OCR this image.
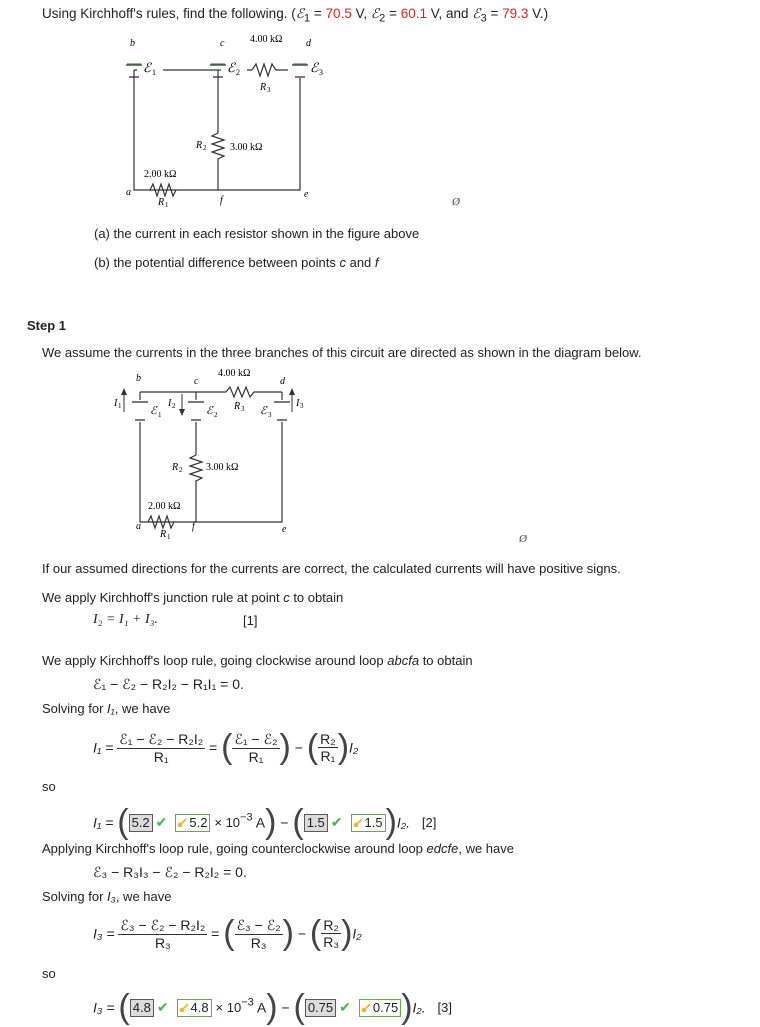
Using Kirchhoff's rules, find the following. (ℰ$_1$ = 70.5 V, ℰ$_2$ = 60.1 V, and ℰ$_3$ = 79.3 V.)
b	c	d
a
f
e
ℰ 1	ℰ 2	ℰ 3
4.00 kΩ
R 3
3.00 kΩ
R 2
2.00 kΩ
R 1	Ø
(a) the current in each resistor shown in the figure above
(b) the potential difference between points c and f
Step 1
We assume the currents in the three branches of this circuit are directed as shown in the diagram below.
I 1	I 2	I 3
b	c	d
a	f	e
ℰ 1	ℰ 2	ℰ 3
4.00 kΩ
R 3
3.00 kΩ
R 2
2.00 kΩ
R 1	Ø
If our assumed directions for the currents are correct, the calculated currents will have positive signs.
We apply Kirchhoff's junction rule at point c to obtain
I₂ = I₁ + I₃.	[1]
We apply Kirchhoff's loop rule, going clockwise around loop abcfa to obtain
ℰ₁ − ℰ₂ − R₂I₂ − R₁I₁ = 0.
Solving for I₁, we have
$I_1 = \frac{\text{ℰ₁ − ℰ₂ − R₂I₂}}{\text{R₁}}$ = ( $\frac{\text{ℰ₁ − ℰ₂}}{\text{R₁}}$ ) − ( $\frac{\text{R₂}}{\text{R₁}} )I_2$
so
I₁ = ( 5.2 ✔ $5.2 \times 10^{-3}$ A) − ( 1.5 ✔ 1.5)I₂. [2]
Applying Kirchhoff's loop rule, going counterclockwise around loop edcfe, we have
ℰ₃ − R₃I₃ − ℰ₂ − R₂I₂ = 0.
Solving for I₃, we have
$I_3 = \frac{\text{ℰ₃ − ℰ₂ − R₂I₂}}{\text{R₃}}$ = ( $\frac{\text{ℰ₃ − ℰ₂}}{\text{R₃}}$ ) − ( $\frac{\text{R₂}}{\text{R₃}} )I_2$
so
I₃ = ( 4.8 ✔ $4.8 \times 10^{-3}$ A) − ( 0.75 ✔ 0.75)I₂. [3]
